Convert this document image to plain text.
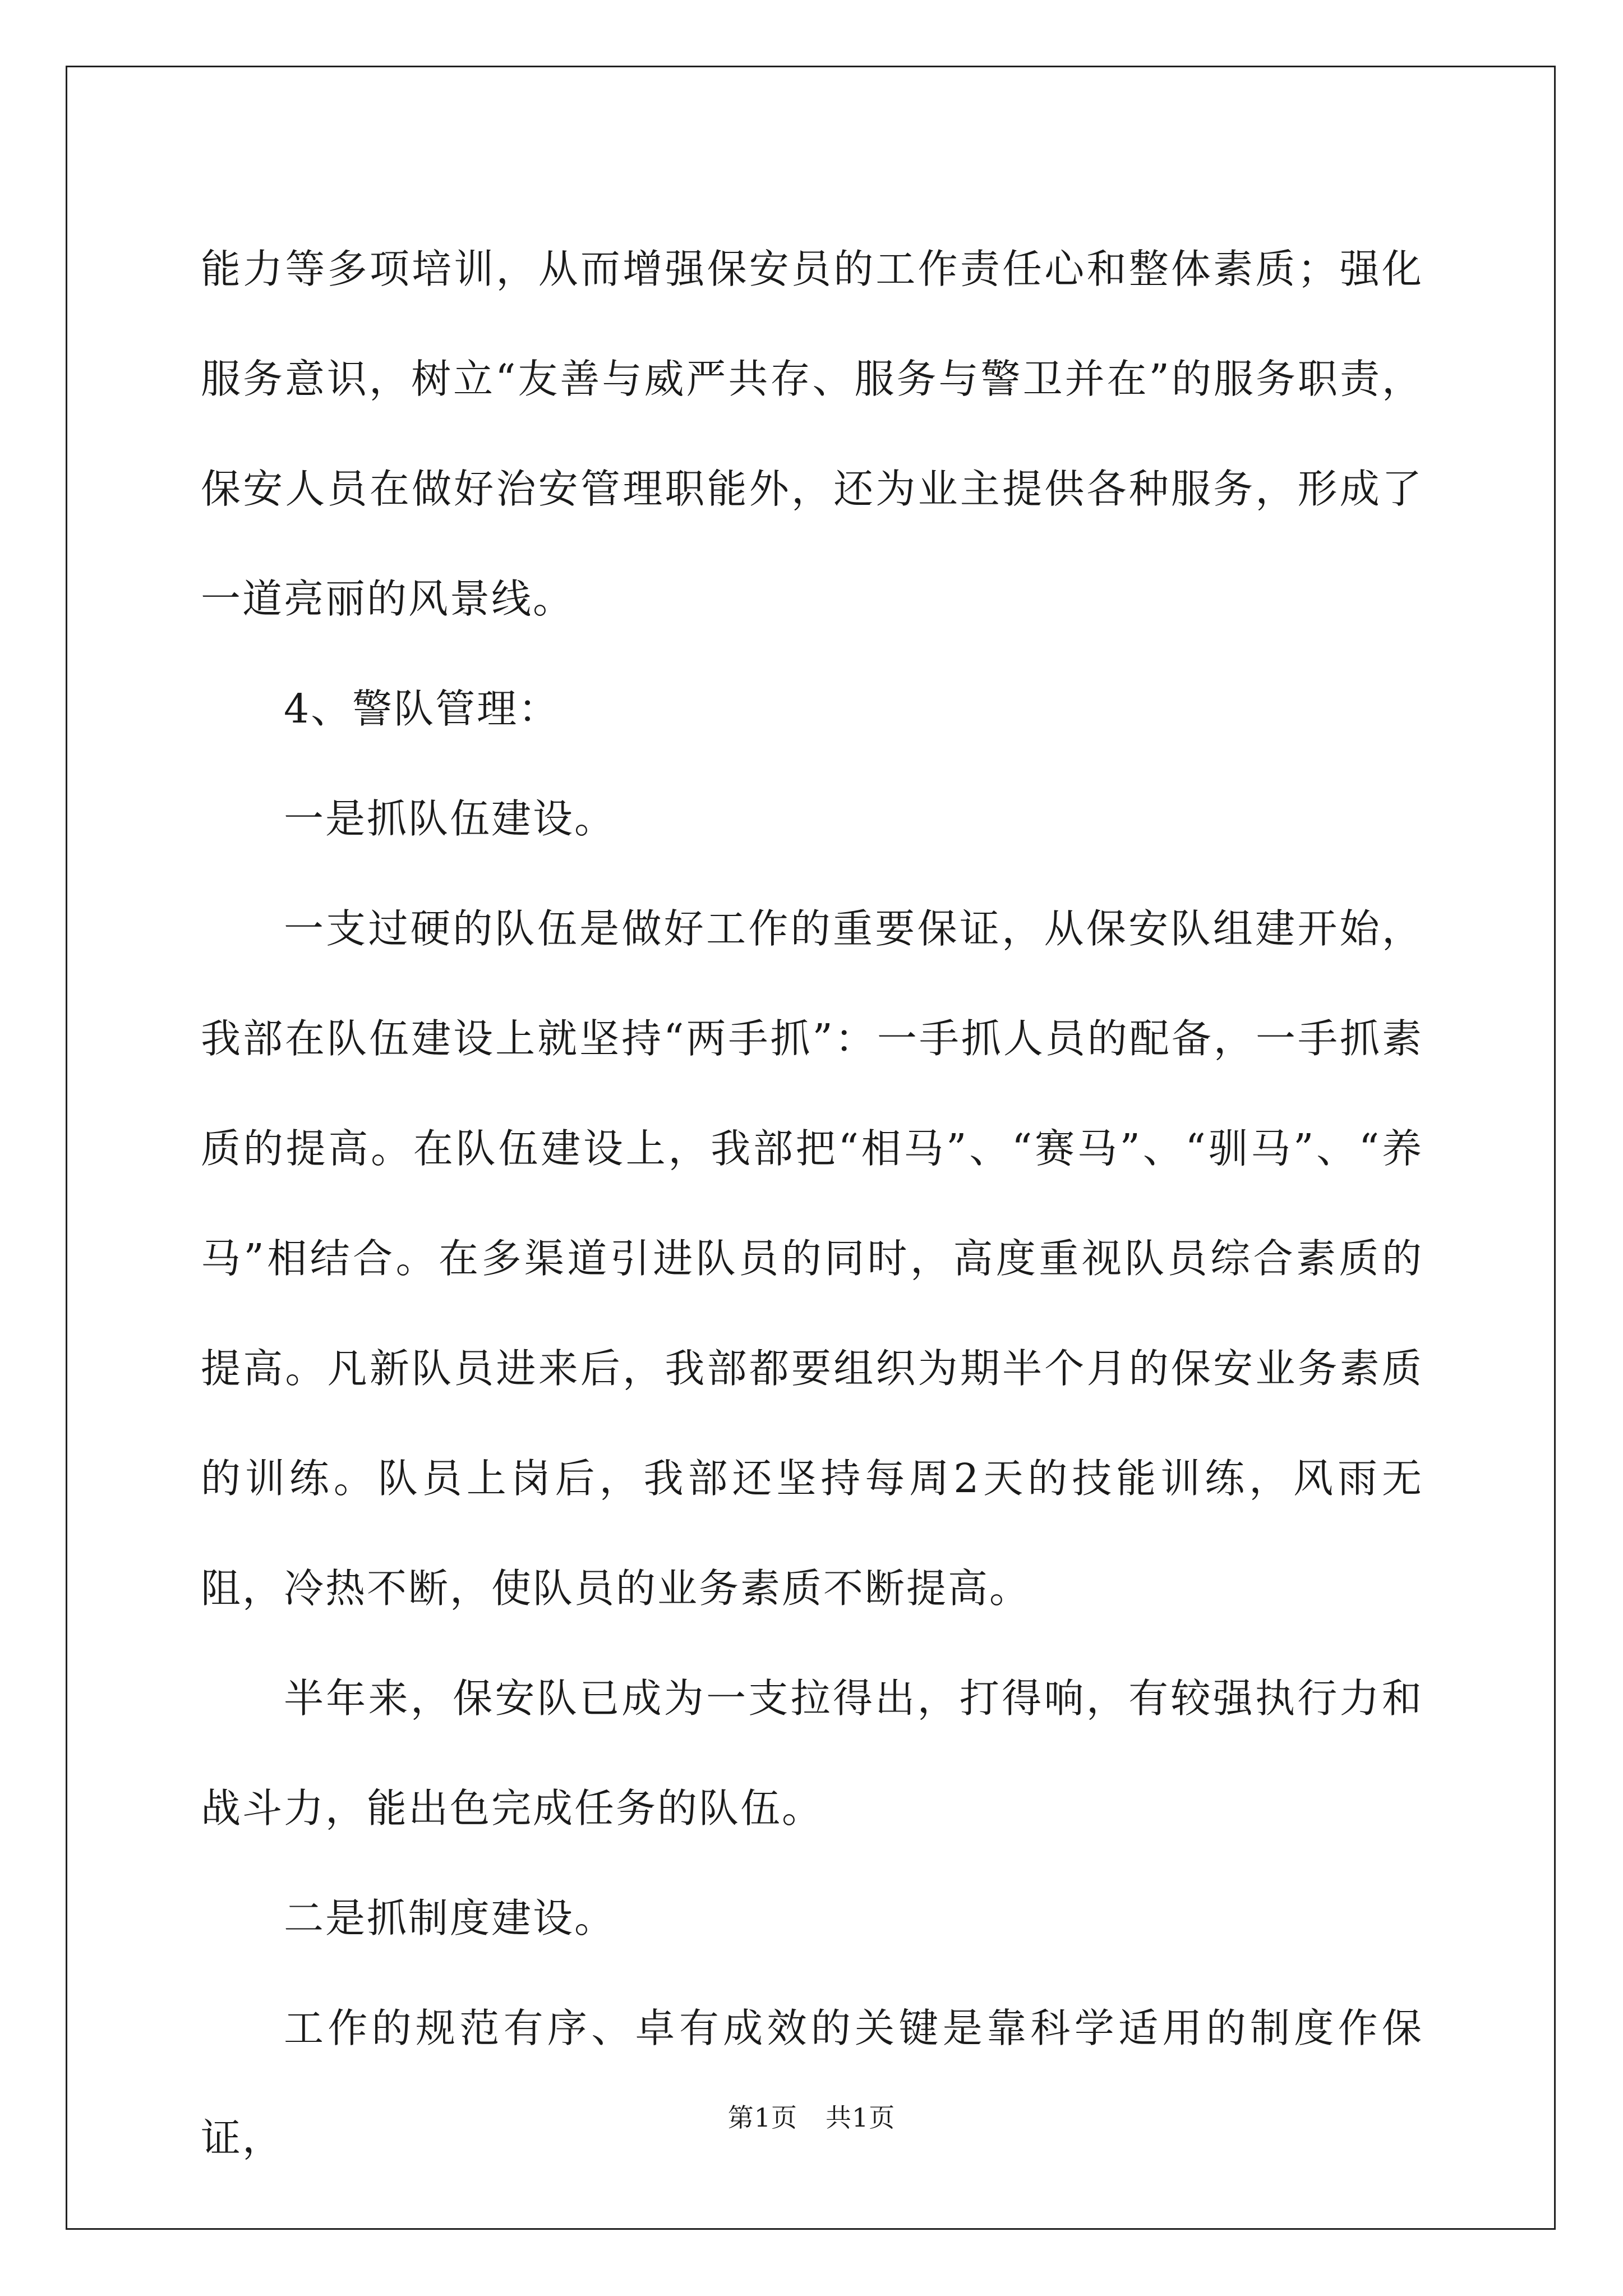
能力等多项培训，从而增强保安员的工作责任心和整体素质；强化服务意识，树立“友善与威严共存、服务与警卫并在”的服务职责，保安人员在做好治安管理职能外，还为业主提供各种服务，形成了一道亮丽的风景线。

4、警队管理：

一是抓队伍建设。

一支过硬的队伍是做好工作的重要保证，从保安队组建开始，我部在队伍建设上就坚持“两手抓”：一手抓人员的配备，一手抓素质的提高。在队伍建设上，我部把“相马”、“赛马”、“驯马”、“养马”相结合。在多渠道引进队员的同时，高度重视队员综合素质的提高。凡新队员进来后，我部都要组织为期半个月的保安业务素质的训练。队员上岗后，我部还坚持每周2天的技能训练，风雨无阻，冷热不断，使队员的业务素质不断提高。

半年来，保安队已成为一支拉得出，打得响，有较强执行力和战斗力，能出色完成任务的队伍。

二是抓制度建设。

工作的规范有序、卓有成效的关键是靠科学适用的制度作保证，	第1页 共1页
